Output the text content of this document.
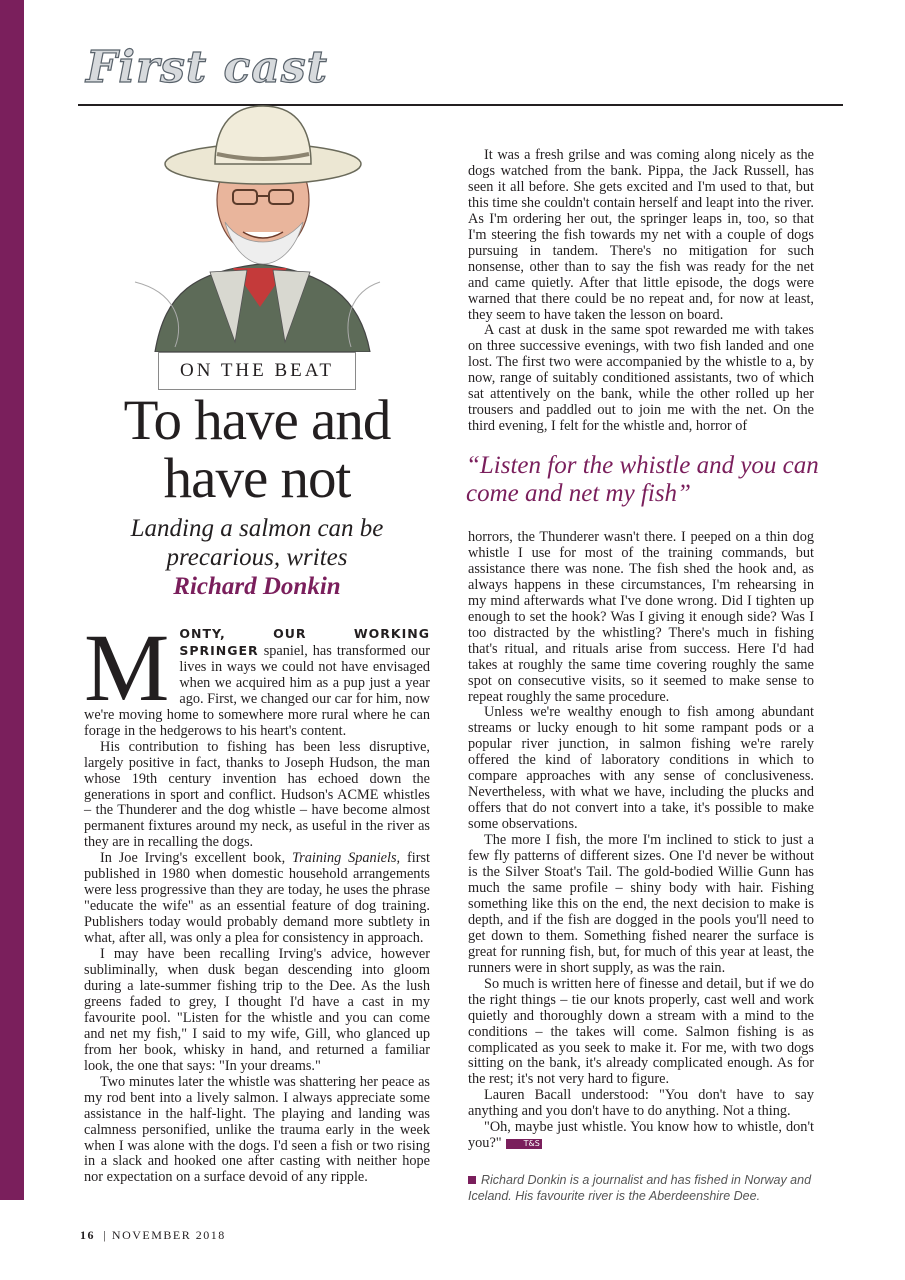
First cast
ON THE BEAT
To have and
have not

Landing a salmon can be precarious, writes
Richard Donkin

MONTY, OUR WORKING SPRINGER spaniel, has transformed our lives in ways we could not have envisaged when we acquired him as a pup just a year ago. First, we changed our car for him, now we're moving home to somewhere more rural where he can forage in the hedgerows to his heart's content.

His contribution to fishing has been less disruptive, largely positive in fact, thanks to Joseph Hudson, the man whose 19th century invention has echoed down the generations in sport and conflict. Hudson's ACME whistles – the Thunderer and the dog whistle – have become almost permanent fixtures around my neck, as useful in the river as they are in recalling the dogs.

In Joe Irving's excellent book, Training Spaniels, first published in 1980 when domestic household arrangements were less progressive than they are today, he uses the phrase "educate the wife" as an essential feature of dog training. Publishers today would probably demand more subtlety in what, after all, was only a plea for consistency in approach.

I may have been recalling Irving's advice, however subliminally, when dusk began descending into gloom during a late-summer fishing trip to the Dee. As the lush greens faded to grey, I thought I'd have a cast in my favourite pool. "Listen for the whistle and you can come and net my fish," I said to my wife, Gill, who glanced up from her book, whisky in hand, and returned a familiar look, the one that says: "In your dreams."

Two minutes later the whistle was shattering her peace as my rod bent into a lively salmon. I always appreciate some assistance in the half-light. The playing and landing was calmness personified, unlike the trauma early in the week when I was alone with the dogs. I'd seen a fish or two rising in a slack and hooked one after casting with neither hope nor expectation on a surface devoid of any ripple.

It was a fresh grilse and was coming along nicely as the dogs watched from the bank. Pippa, the Jack Russell, has seen it all before. She gets excited and I'm used to that, but this time she couldn't contain herself and leapt into the river. As I'm ordering her out, the springer leaps in, too, so that I'm steering the fish towards my net with a couple of dogs pursuing in tandem. There's no mitigation for such nonsense, other than to say the fish was ready for the net and came quietly. After that little episode, the dogs were warned that there could be no repeat and, for now at least, they seem to have taken the lesson on board.

A cast at dusk in the same spot rewarded me with takes on three successive evenings, with two fish landed and one lost. The first two were accompanied by the whistle to a, by now, range of suitably conditioned assistants, two of which sat attentively on the bank, while the other rolled up her trousers and paddled out to join me with the net. On the third evening, I felt for the whistle and, horror of

“Listen for the whistle and you can come and net my fish”

horrors, the Thunderer wasn't there. I peeped on a thin dog whistle I use for most of the training commands, but assistance there was none. The fish shed the hook and, as always happens in these circumstances, I'm rehearsing in my mind afterwards what I've done wrong. Did I tighten up enough to set the hook? Was I giving it enough side? Was I too distracted by the whistling? There's much in fishing that's ritual, and rituals arise from success. Here I'd had takes at roughly the same time covering roughly the same spot on consecutive visits, so it seemed to make sense to repeat roughly the same procedure.

Unless we're wealthy enough to fish among abundant streams or lucky enough to hit some rampant pods or a popular river junction, in salmon fishing we're rarely offered the kind of laboratory conditions in which to compare approaches with any sense of conclusiveness. Nevertheless, with what we have, including the plucks and offers that do not convert into a take, it's possible to make some observations.

The more I fish, the more I'm inclined to stick to just a few fly patterns of different sizes. One I'd never be without is the Silver Stoat's Tail. The gold-bodied Willie Gunn has much the same profile – shiny body with hair. Fishing something like this on the end, the next decision to make is depth, and if the fish are dogged in the pools you'll need to get down to them. Something fished nearer the surface is great for running fish, but, for much of this year at least, the runners were in short supply, as was the rain.

So much is written here of finesse and detail, but if we do the right things – tie our knots properly, cast well and work quietly and thoroughly down a stream with a mind to the conditions – the takes will come. Salmon fishing is as complicated as you seek to make it. For me, with two dogs sitting on the bank, it's already complicated enough. As for the rest; it's not very hard to figure.

Lauren Bacall understood: "You don't have to say anything and you don't have to do anything. Not a thing.

"Oh, maybe just whistle. You know how to whistle, don't you?"	T&S

Richard Donkin is a journalist and has fished in Norway and Iceland. His favourite river is the Aberdeenshire Dee.
16 | NOVEMBER 2018
